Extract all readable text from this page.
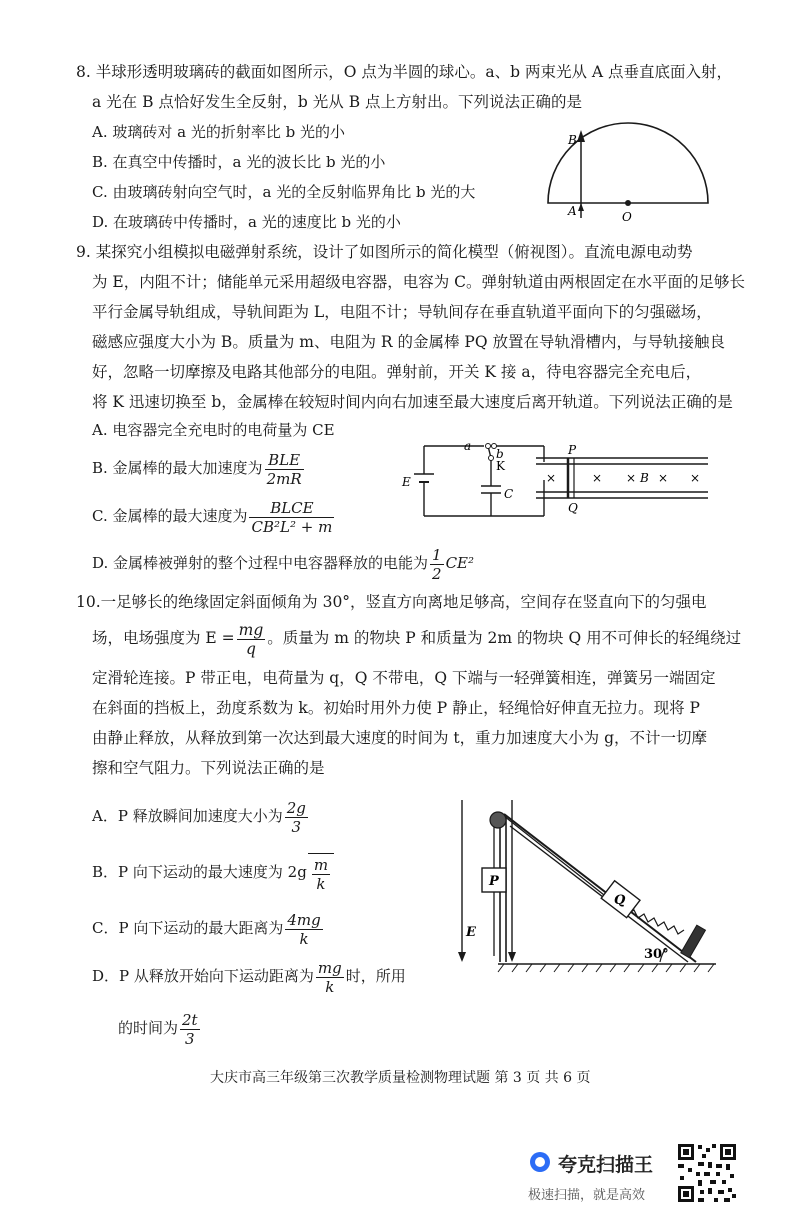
8. 半球形透明玻璃砖的截面如图所示，O 点为半圆的球心。a、b 两束光从 A 点垂直底面入射，
a 光在 B 点恰好发生全反射，b 光从 B 点上方射出。下列说法正确的是
A. 玻璃砖对 a 光的折射率比 b 光的小
B. 在真空中传播时，a 光的波长比 b 光的小
C. 由玻璃砖射向空气时，a 光的全反射临界角比 b 光的大
D. 在玻璃砖中传播时，a 光的速度比 b 光的小
B
A	O
9. 某探究小组模拟电磁弹射系统，设计了如图所示的简化模型（俯视图）。直流电源电动势
为 E，内阻不计；储能单元采用超级电容器，电容为 C。弹射轨道由两根固定在水平面的足够长
平行金属导轨组成，导轨间距为 L，电阻不计；导轨间存在垂直轨道平面向下的匀强磁场，
磁感应强度大小为 B。质量为 m、电阻为 R 的金属棒 PQ 放置在导轨滑槽内，与导轨接触良
好，忽略一切摩擦及电路其他部分的电阻。弹射前，开关 K 接 a，待电容器完全充电后，
将 K 迅速切换至 b，金属棒在较短时间内向右加速至最大速度后离开轨道。下列说法正确的是
A. 电容器完全充电时的电荷量为 CE
B. 金属棒的最大加速度为 $\frac{\text{BLE}}{2mR}$
C. 金属棒的最大速度为 $\frac{\text{BLCE}}{\text{CB²L² + m}}$
D. 金属棒被弹射的整个过程中电容器释放的电能为 $\frac{1}{2} CE^2$
a
b
K
E
C
P
Q
×	× × B × ×
10.一足够长的绝缘固定斜面倾角为 30°，竖直方向离地足够高，空间存在竖直向下的匀强电
场，电场强度为 $E = \frac{mg}{q}$ 。质量为 m 的物块 P 和质量为 2m 的物块 Q 用不可伸长的轻绳绕过
定滑轮连接。P 带正电，电荷量为 q，Q 不带电，Q 下端与一轻弹簧相连，弹簧另一端固定
在斜面的挡板上，劲度系数为 k。初始时用外力使 P 静止，轻绳恰好伸直无拉力。现将 P
由静止释放，从释放到第一次达到最大速度的时间为 t，重力加速度大小为 g，不计一切摩
擦和空气阻力。下列说法正确的是
A．P 释放瞬间加速度大小为 $\frac{2g}{3}$
B．P 向下运动的最大速度为 $2g \frac{m}{k}$
C．P 向下运动的最大距离为 $\frac{4mg}{k}$
D．P 从释放开始向下运动距离为 $\frac{mg}{k}$ 时，所用
的时间为 $\frac{2t}{3}$
P
Q
E
30°
大庆市高三年级第三次教学质量检测物理试题 第 3 页 共 6 页
夸克扫描王
极速扫描，就是高效
